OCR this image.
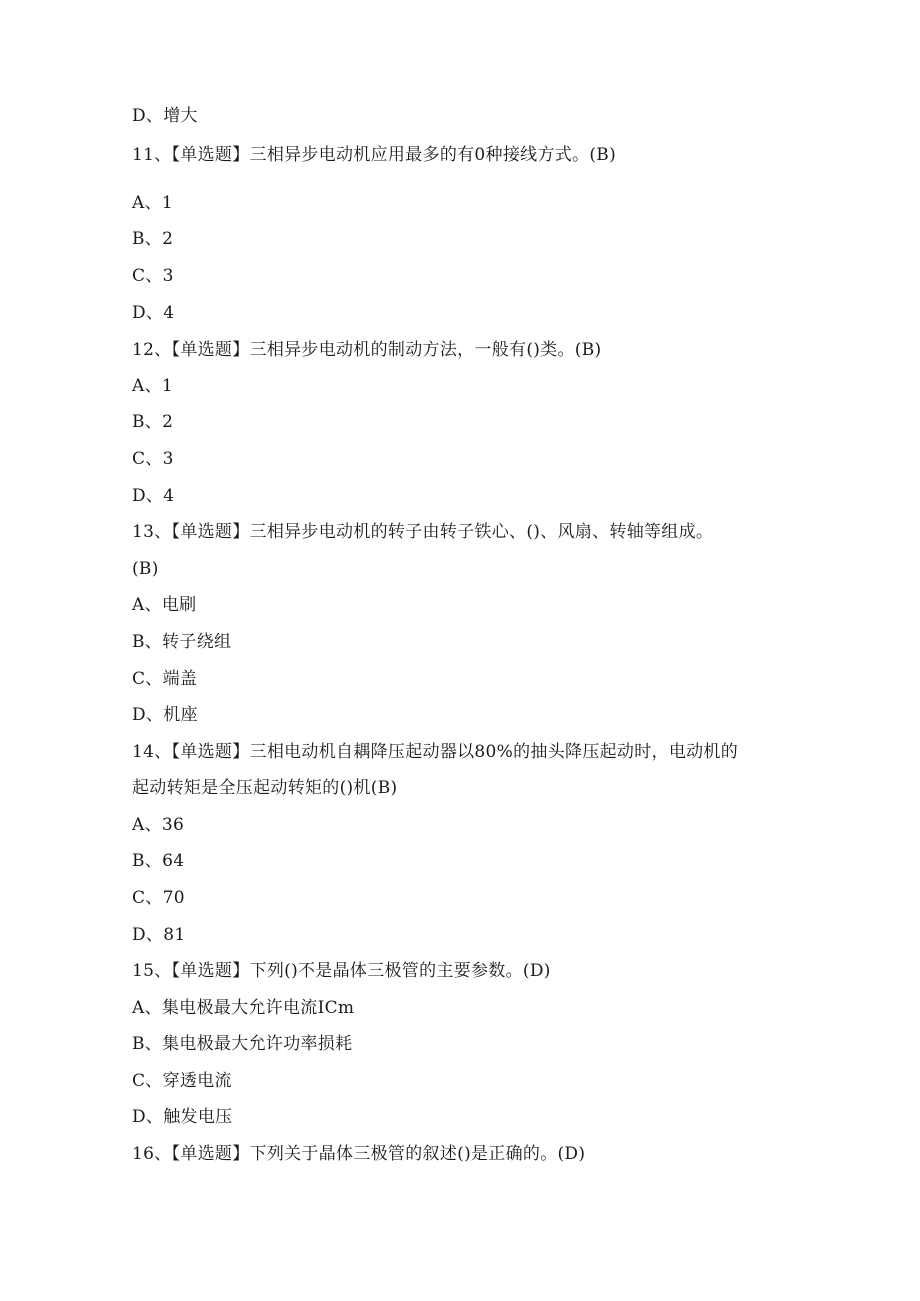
D、增大
11、【单选题】三相异步电动机应用最多的有0种接线方式。(B)
A、1
B、2
C、3
D、4
12、【单选题】三相异步电动机的制动方法，一般有()类。(B)
A、1
B、2
C、3
D、4
13、【单选题】三相异步电动机的转子由转子铁心、()、风扇、转轴等组成。
(B)
A、电刷
B、转子绕组
C、端盖
D、机座
14、【单选题】三相电动机自耦降压起动器以80%的抽头降压起动时，电动机的
起动转矩是全压起动转矩的()机(B)
A、36
B、64
C、70
D、81
15、【单选题】下列()不是晶体三极管的主要参数。(D)
A、集电极最大允许电流ICm
B、集电极最大允许功率损耗
C、穿透电流
D、触发电压
16、【单选题】下列关于晶体三极管的叙述()是正确的。(D)
